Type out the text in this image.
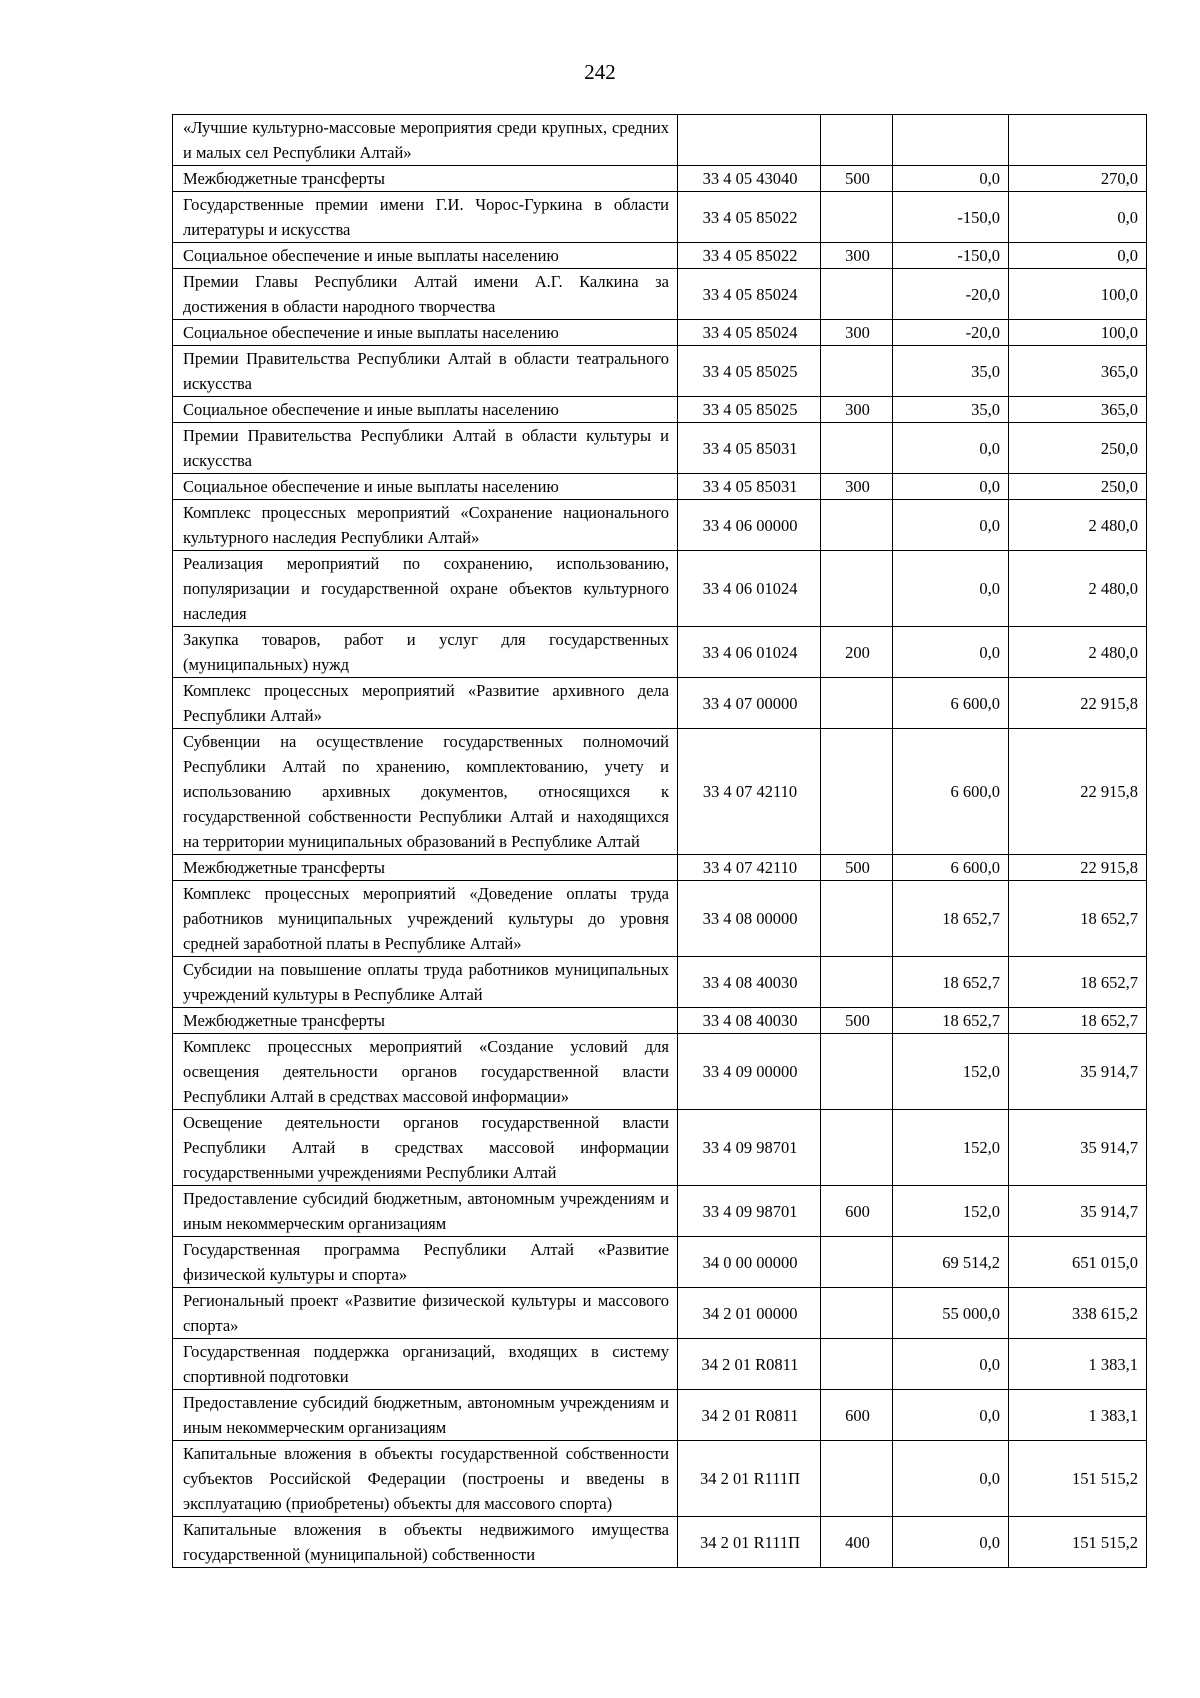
242
«Лучшие культурно-массовые мероприятия среди крупных, средних и малых сел Республики Алтай»				
Межбюджетные трансферты	33 4 05 43040	500	0,0	270,0
Государственные премии имени Г.И. Чорос-Гуркина в области литературы и искусства	33 4 05 85022		-150,0	0,0
Социальное обеспечение и иные выплаты населению	33 4 05 85022	300	-150,0	0,0
Премии Главы Республики Алтай имени А.Г. Калкина за достижения в области народного творчества	33 4 05 85024		-20,0	100,0
Социальное обеспечение и иные выплаты населению	33 4 05 85024	300	-20,0	100,0
Премии Правительства Республики Алтай в области театрального искусства	33 4 05 85025		35,0	365,0
Социальное обеспечение и иные выплаты населению	33 4 05 85025	300	35,0	365,0
Премии Правительства Республики Алтай в области культуры и искусства	33 4 05 85031		0,0	250,0
Социальное обеспечение и иные выплаты населению	33 4 05 85031	300	0,0	250,0
Комплекс процессных мероприятий «Сохранение национального культурного наследия Республики Алтай»	33 4 06 00000		0,0	2 480,0
Реализация мероприятий по сохранению, использованию, популяризации и государственной охране объектов культурного наследия	33 4 06 01024		0,0	2 480,0
Закупка товаров, работ и услуг для государственных (муниципальных) нужд	33 4 06 01024	200	0,0	2 480,0
Комплекс процессных мероприятий «Развитие архивного дела Республики Алтай»	33 4 07 00000		6 600,0	22 915,8
Субвенции на осуществление государственных полномочий Республики Алтай по хранению, комплектованию, учету и использованию архивных документов, относящихся к государственной собственности Республики Алтай и находящихся на территории муниципальных образований в Республике Алтай	33 4 07 42110		6 600,0	22 915,8
Межбюджетные трансферты	33 4 07 42110	500	6 600,0	22 915,8
Комплекс процессных мероприятий «Доведение оплаты труда работников муниципальных учреждений культуры до уровня средней заработной платы в Республике Алтай»	33 4 08 00000		18 652,7	18 652,7
Субсидии на повышение оплаты труда работников муниципальных учреждений культуры в Республике Алтай	33 4 08 40030		18 652,7	18 652,7
Межбюджетные трансферты	33 4 08 40030	500	18 652,7	18 652,7
Комплекс процессных мероприятий «Создание условий для освещения деятельности органов государственной власти Республики Алтай в средствах массовой информации»	33 4 09 00000		152,0	35 914,7
Освещение деятельности органов государственной власти Республики Алтай в средствах массовой информации государственными учреждениями Республики Алтай	33 4 09 98701		152,0	35 914,7
Предоставление субсидий бюджетным, автономным учреждениям и иным некоммерческим организациям	33 4 09 98701	600	152,0	35 914,7
Государственная программа Республики Алтай «Развитие физической культуры и спорта»	34 0 00 00000		69 514,2	651 015,0
Региональный проект «Развитие физической культуры и массового спорта»	34 2 01 00000		55 000,0	338 615,2
Государственная поддержка организаций, входящих в систему спортивной подготовки	34 2 01 R0811		0,0	1 383,1
Предоставление субсидий бюджетным, автономным учреждениям и иным некоммерческим организациям	34 2 01 R0811	600	0,0	1 383,1
Капитальные вложения в объекты государственной собственности субъектов Российской Федерации (построены и введены в эксплуатацию (приобретены) объекты для массового спорта)	34 2 01 R111П		0,0	151 515,2
Капитальные вложения в объекты недвижимого имущества государственной (муниципальной) собственности	34 2 01 R111П	400	0,0	151 515,2
